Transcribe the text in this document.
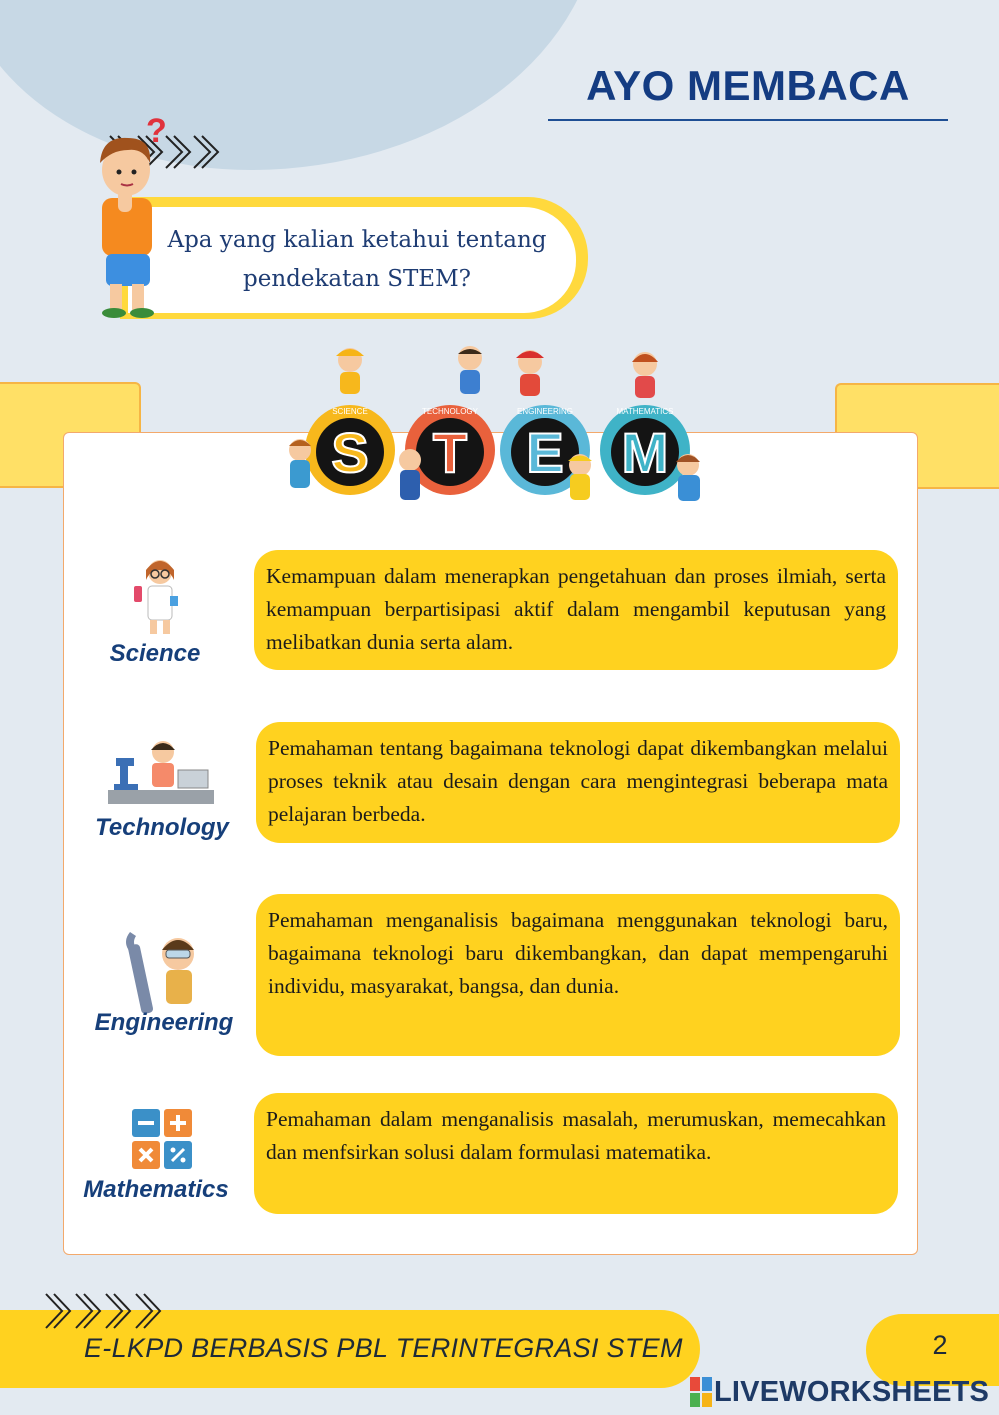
AYO MEMBACA
Apa yang kalian ketahui tentang
pendekatan STEM?
?
S T E M
SCIENCE	TECHNOLOGY	ENGINEERING	MATHEMATICS
Science
Kemampuan dalam menerapkan pengetahuan dan proses ilmiah, serta kemampuan berpartisipasi aktif dalam mengambil keputusan yang melibatkan dunia serta alam.
Technology
Pemahaman tentang bagaimana teknologi dapat dikembangkan melalui proses teknik atau desain dengan cara mengintegrasi beberapa mata pelajaran berbeda.
Engineering
Pemahaman menganalisis bagaimana menggunakan teknologi baru, bagaimana teknologi baru dikembangkan, dan dapat mempengaruhi individu, masyarakat, bangsa, dan dunia.
Mathematics
Pemahaman dalam menganalisis masalah, merumuskan, memecahkan dan menfsirkan solusi dalam formulasi matematika.
E-LKPD BERBASIS PBL TERINTEGRASI STEM	2
LIVEWORKSHEETS
